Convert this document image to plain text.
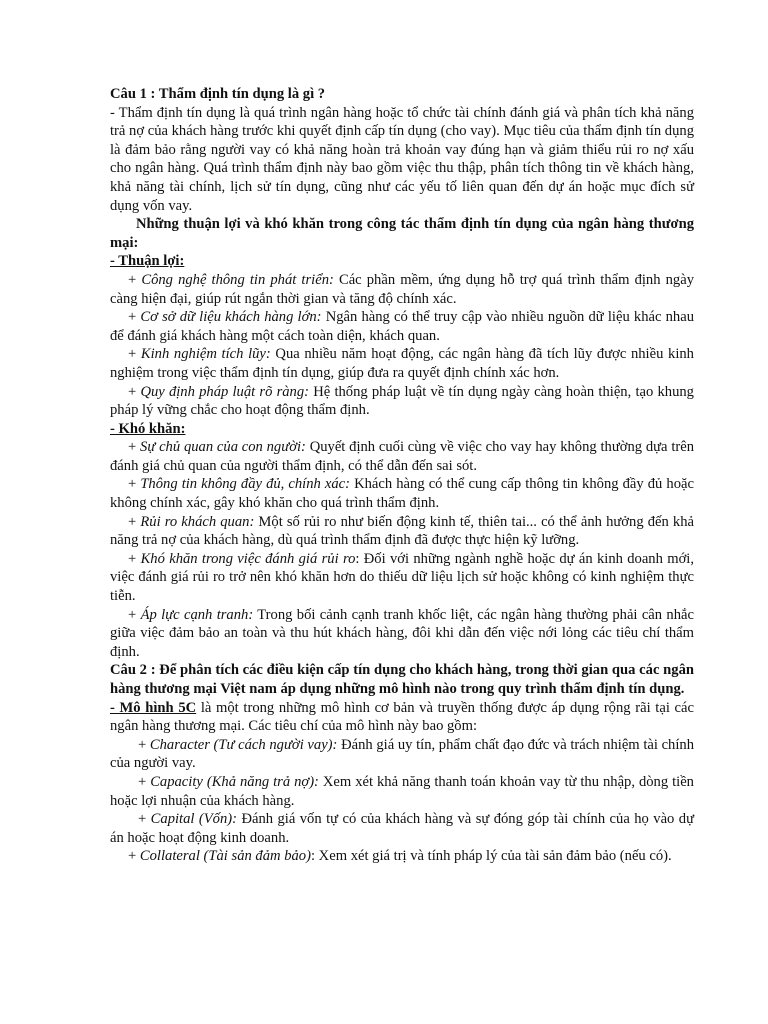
Câu 1 : Thẩm định tín dụng là gì ?

- Thẩm định tín dụng là quá trình ngân hàng hoặc tổ chức tài chính đánh giá và phân tích khả năng trả nợ của khách hàng trước khi quyết định cấp tín dụng (cho vay). Mục tiêu của thẩm định tín dụng là đảm bảo rằng người vay có khả năng hoàn trả khoản vay đúng hạn và giảm thiểu rủi ro nợ xấu cho ngân hàng. Quá trình thẩm định này bao gồm việc thu thập, phân tích thông tin về khách hàng, khả năng tài chính, lịch sử tín dụng, cũng như các yếu tố liên quan đến dự án hoặc mục đích sử dụng vốn vay.

Những thuận lợi và khó khăn trong công tác thẩm định tín dụng của ngân hàng thương mại:

- Thuận lợi:

+ Công nghệ thông tin phát triển: Các phần mềm, ứng dụng hỗ trợ quá trình thẩm định ngày càng hiện đại, giúp rút ngắn thời gian và tăng độ chính xác.

+ Cơ sở dữ liệu khách hàng lớn: Ngân hàng có thể truy cập vào nhiều nguồn dữ liệu khác nhau để đánh giá khách hàng một cách toàn diện, khách quan.

+ Kinh nghiệm tích lũy: Qua nhiều năm hoạt động, các ngân hàng đã tích lũy được nhiều kinh nghiệm trong việc thẩm định tín dụng, giúp đưa ra quyết định chính xác hơn.

+ Quy định pháp luật rõ ràng: Hệ thống pháp luật về tín dụng ngày càng hoàn thiện, tạo khung pháp lý vững chắc cho hoạt động thẩm định.

- Khó khăn:

+ Sự chủ quan của con người: Quyết định cuối cùng về việc cho vay hay không thường dựa trên đánh giá chủ quan của người thẩm định, có thể dẫn đến sai sót.

+ Thông tin không đầy đủ, chính xác: Khách hàng có thể cung cấp thông tin không đầy đủ hoặc không chính xác, gây khó khăn cho quá trình thẩm định.

+ Rủi ro khách quan: Một số rủi ro như biến động kinh tế, thiên tai... có thể ảnh hưởng đến khả năng trả nợ của khách hàng, dù quá trình thẩm định đã được thực hiện kỹ lưỡng.

+ Khó khăn trong việc đánh giá rủi ro: Đối với những ngành nghề hoặc dự án kinh doanh mới, việc đánh giá rủi ro trở nên khó khăn hơn do thiếu dữ liệu lịch sử hoặc không có kinh nghiệm thực tiễn.

+ Áp lực cạnh tranh: Trong bối cảnh cạnh tranh khốc liệt, các ngân hàng thường phải cân nhắc giữa việc đảm bảo an toàn và thu hút khách hàng, đôi khi dẫn đến việc nới lỏng các tiêu chí thẩm định.

Câu 2 : Để phân tích các điều kiện cấp tín dụng cho khách hàng, trong thời gian qua các ngân hàng thương mại Việt nam áp dụng những mô hình nào trong quy trình thẩm định tín dụng.

- Mô hình 5C là một trong những mô hình cơ bản và truyền thống được áp dụng rộng rãi tại các ngân hàng thương mại. Các tiêu chí của mô hình này bao gồm:

+ Character (Tư cách người vay): Đánh giá uy tín, phẩm chất đạo đức và trách nhiệm tài chính của người vay.

+ Capacity (Khả năng trả nợ): Xem xét khả năng thanh toán khoản vay từ thu nhập, dòng tiền hoặc lợi nhuận của khách hàng.

+ Capital (Vốn): Đánh giá vốn tự có của khách hàng và sự đóng góp tài chính của họ vào dự án hoặc hoạt động kinh doanh.

+ Collateral (Tài sản đảm bảo): Xem xét giá trị và tính pháp lý của tài sản đảm bảo (nếu có).
